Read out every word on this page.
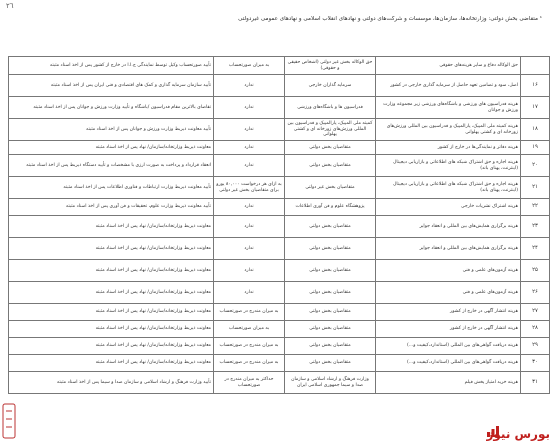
٢٦
¹ متقاضی بخش دولتی: وزارتخانه‌ها، سازمان‌ها، موسسات و شرکت‌های دولتی و نهادهای انقلاب اسلامی و نهادهای عمومی غیردولتی
	حق الوکاله دفاع و سایر هزینه‌های حقوقی	حق الوکاله بخش غیر دولتی (اشخاص حقیقی و حقوقی)	به میزان صورتحساب	تأیید صورتحساب وکیل توسط نمایندگی ج.ا.ا در خارج از کشور پس از اخذ اسناد مثبته
۱۶	اصل، سود و تضامین تعهد حاصل از سرمایه گذاری خارجی در کشور	سرمایه گذاران خارجی	ندارد	تأیید سازمان سرمایه گذاری و کمک های اقتصادی و فنی ایران پس از اخذ اسناد مثبته
۱۷	هزینه فدراسیون های ورزشی و باشگاه‌های ورزشی زیر مجموعه وزارت ورزش و جوانان	فدراسیون ها و باشگاه‌های ورزشی	ندارد	تقاضای بالاترین مقام فدراسیون /باشگاه و تأیید وزارت ورزش و جوانان پس از اخذ اسناد مثبته
۱۸	هزینه کمیته ملی المپیک، پارالمپیک و فدراسیون بین المللی ورزش‌های زورخانه ای و کشتی پهلوانی	کمیته ملی المپیک، پارالمپیک و فدراسیون بین المللی ورزش‌های زورخانه ای و کشتی پهلوانی	ندارد	تأیید معاونت ذیربط وزارت ورزش و جوانان پس از اخذ اسناد مثبته
۱۹	هزینه دفاتر و نمایندگی‌ها در خارج از کشور	متقاضیان بخش دولتی	ندارد	معاونت ذیربط وزارتخانه/سازمان/ نهاد پس از اخذ اسناد مثبته
۲۰	هزینه اجاره و حق اشتراک شبکه های اطلاعاتی و بازاریابی دیجیتال (اینترنت، پهنای باند)	متقاضیان بخش دولتی	ندارد	انعقاد قرارداد و پرداخت به صورت ارزی با مشخصات و تأیید دستگاه ذیربط پس از اخذ اسناد مثبته
۲۱	هزینه اجاره و حق اشتراک شبکه های اطلاعاتی و بازاریابی دیجیتال (اینترنت، پهنای باند)	متقاضیان بخش غیر دولتی	به ازای هر درخواست ۸۰,۰۰۰ یورو برای متقاضیان بخش غیر دولتی	تأیید معاونت ذیربط وزارت ارتباطات و فناوری اطلاعات پس از اخذ اسناد مثبته
۲۲	هزینه اشتراک نشریات خارجی	پژوهشگاه علوم و فن آوری اطلاعات	ندارد	تأیید معاونت ذیربط وزارت علوم، تحقیقات و فن آوری پس از اخذ اسناد مثبته
۲۳	هزینه برگزاری همایش‌های بین المللی و انعقاد جوایز	متقاضیان بخش دولتی	ندارد	معاونت ذیربط وزارتخانه/سازمان/ نهاد پس از اخذ اسناد مثبته
۲۴	هزینه برگزاری همایش‌های بین المللی و انعقاد جوایز	متقاضیان بخش دولتی	ندارد	معاونت ذیربط وزارتخانه/سازمان/ نهاد پس از اخذ اسناد مثبته
۲۵	هزینه آزمون‌های علمی و فنی	متقاضیان بخش دولتی	ندارد	معاونت ذیربط وزارتخانه/سازمان/ نهاد پس از اخذ اسناد مثبته
۲۶	هزینه آزمون‌های علمی و فنی	متقاضیان بخش دولتی	ندارد	معاونت ذیربط وزارتخانه/سازمان/ نهاد پس از اخذ اسناد مثبته
۲۷	هزینه انتشار آگهی در خارج از کشور	متقاضیان بخش دولتی	به میزان مندرج در صورتحساب	معاونت ذیربط وزارتخانه/سازمان/ نهاد پس از اخذ اسناد مثبته
۲۸	هزینه انتشار آگهی در خارج از کشور	متقاضیان بخش دولتی	به میزان صورتحساب	معاونت ذیربط وزارتخانه/سازمان/ نهاد پس از اخذ اسناد مثبته
۲۹	هزینه دریافت گواهی‌های بین المللی (استاندارد،کیفیت و...)	متقاضیان بخش دولتی	به میزان مندرج در صورتحساب	معاونت ذیربط وزارتخانه/سازمان/ نهاد پس از اخذ اسناد مثبته
۳۰	هزینه دریافت گواهی‌های بین المللی (استاندارد،کیفیت و...)	متقاضیان بخش دولتی	به میزان مندرج در صورتحساب	معاونت ذیربط وزارتخانه/سازمان/ نهاد پس از اخذ اسناد مثبته
۳۱	هزینه خرید امتیاز پخش فیلم	وزارت فرهنگ و ارشاد اسلامی و سازمان صدا و سیما جمهوری اسلامی ایران	حداکثر به میزان مندرج در صورتحساب	تأیید وزارت فرهنگ و ارشاد اسلامی و سازمان صدا و سیما پس از اخذ اسناد مثبته
بورس نیوز
